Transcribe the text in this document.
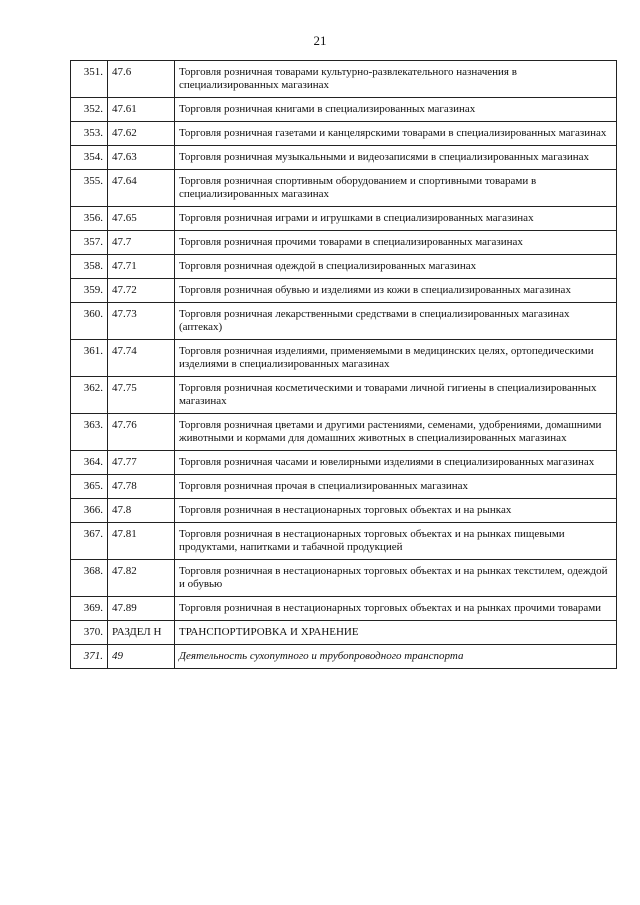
21
351.	47.6	Торговля розничная товарами культурно-развлекательного назначения в специализированных магазинах
352.	47.61	Торговля розничная книгами в специализированных магазинах
353.	47.62	Торговля розничная газетами и канцелярскими товарами в специализированных магазинах
354.	47.63	Торговля розничная музыкальными и видеозаписями в специализированных магазинах
355.	47.64	Торговля розничная спортивным оборудованием и спортивными товарами в специализированных магазинах
356.	47.65	Торговля розничная играми и игрушками в специализированных магазинах
357.	47.7	Торговля розничная прочими товарами в специализированных магазинах
358.	47.71	Торговля розничная одеждой в специализированных магазинах
359.	47.72	Торговля розничная обувью и изделиями из кожи в специализированных магазинах
360.	47.73	Торговля розничная лекарственными средствами в специализированных магазинах (аптеках)
361.	47.74	Торговля розничная изделиями, применяемыми в медицинских целях, ортопедическими изделиями в специализированных магазинах
362.	47.75	Торговля розничная косметическими и товарами личной гигиены в специализированных магазинах
363.	47.76	Торговля розничная цветами и другими растениями, семенами, удобрениями, домашними животными и кормами для домашних животных в специализированных магазинах
364.	47.77	Торговля розничная часами и ювелирными изделиями в специализированных магазинах
365.	47.78	Торговля розничная прочая в специализированных магазинах
366.	47.8	Торговля розничная в нестационарных торговых объектах и на рынках
367.	47.81	Торговля розничная в нестационарных торговых объектах и на рынках пищевыми продуктами, напитками и табачной продукцией
368.	47.82	Торговля розничная в нестационарных торговых объектах и на рынках текстилем, одеждой и обувью
369.	47.89	Торговля розничная в нестационарных торговых объектах и на рынках прочими товарами
370.	РАЗДЕЛ H	ТРАНСПОРТИРОВКА И ХРАНЕНИЕ
371.	49	Деятельность сухопутного и трубопроводного транспорта
